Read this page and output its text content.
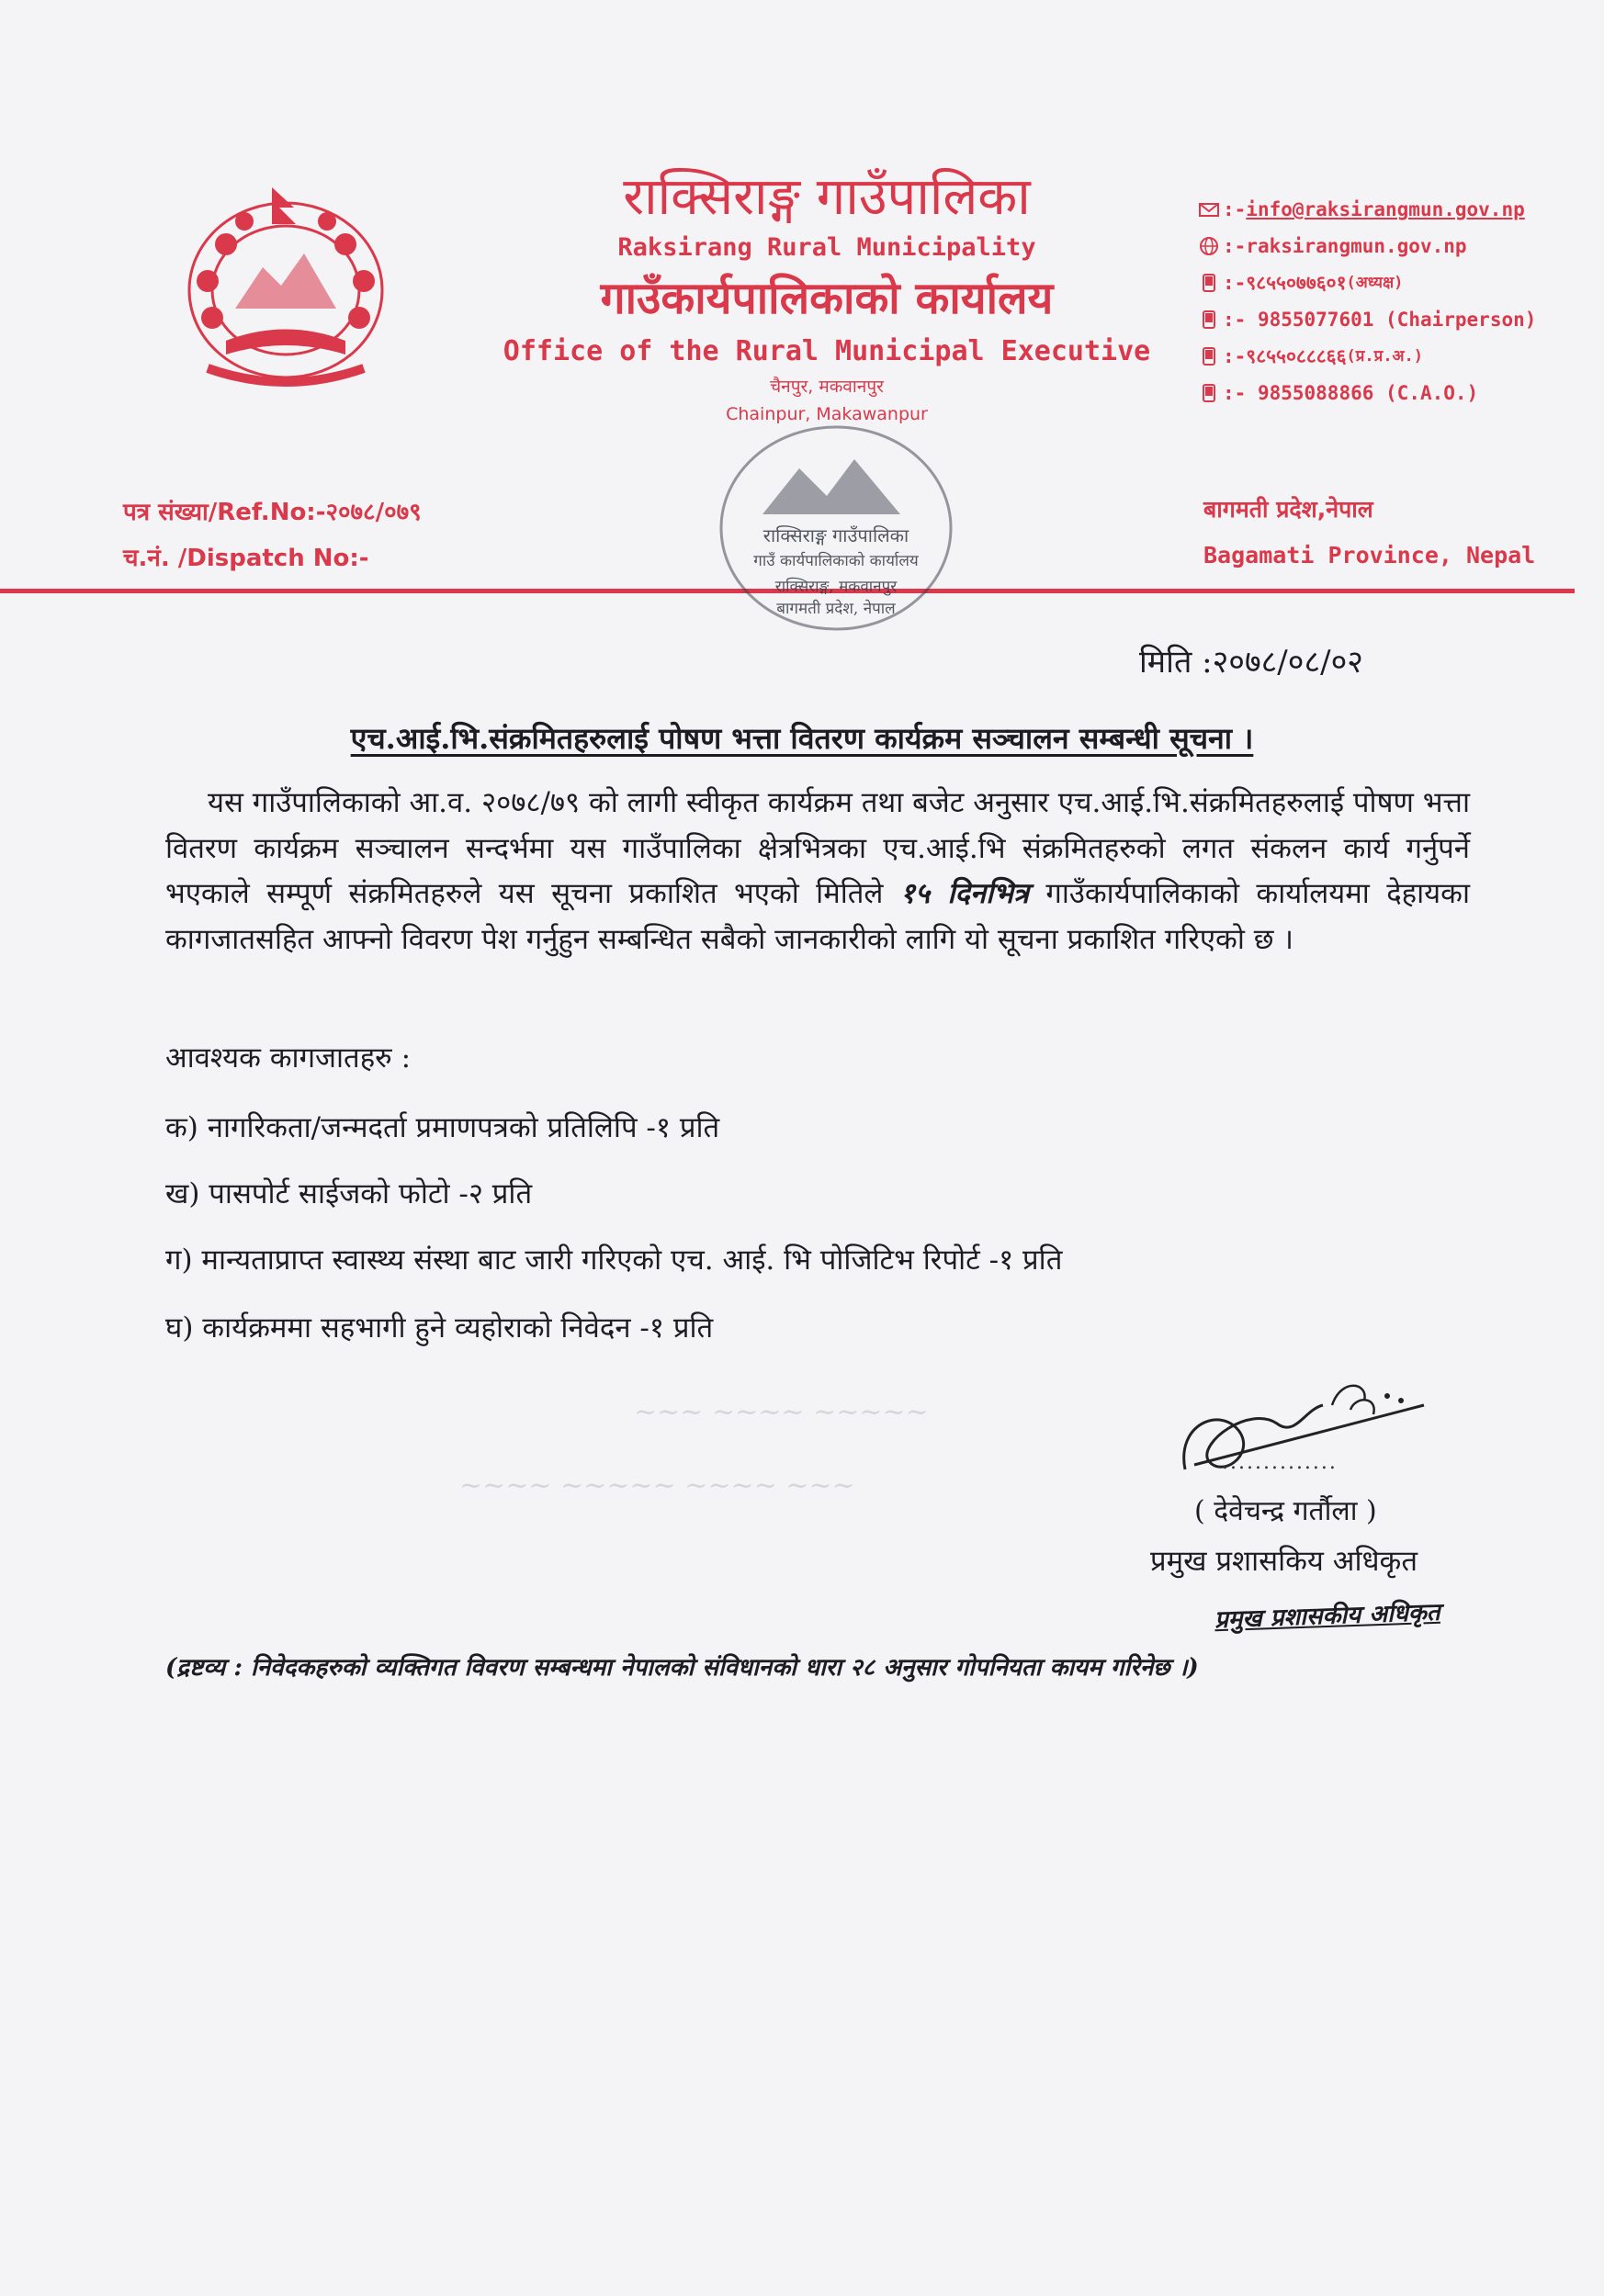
राक्सिराङ्ग गाउँपालिका
Raksirang Rural Municipality
गाउँकार्यपालिकाको कार्यालय
Office of the Rural Municipal Executive
चैनपुर, मकवानपुर
Chainpur, Makawanpur
:- info@raksirangmun.gov.np
:- raksirangmun.gov.np
:- ९८५५०७७६०१ (अध्यक्ष)
:- 9855077601
(Chairperson)
:- ९८५५०८८८६६ (प्र.प्र.अ.)
:- 9855088866
(C.A.O.)
पत्र संख्या/Ref.No:-२०७८/०७९
च.नं. /Dispatch No:-
बागमती प्रदेश,नेपाल
Bagamati Province, Nepal
राक्सिराङ्ग गाउँपालिका
गाउँ कार्यपालिकाको कार्यालय
राक्सिराङ्ग, मकवानपुर
बागमती प्रदेश, नेपाल
मिति :२०७८/०८/०२
एच.आई.भि.संक्रमितहरुलाई पोषण भत्ता वितरण कार्यक्रम सञ्चालन सम्बन्धी सूचना ।
यस गाउँपालिकाको आ.व. २०७८/७९ को लागी स्वीकृत कार्यक्रम तथा बजेट अनुसार एच.आई.भि.संक्रमितहरुलाई पोषण भत्ता वितरण कार्यक्रम सञ्चालन सन्दर्भमा यस गाउँपालिका क्षेत्रभित्रका एच.आई.भि संक्रमितहरुको लगत संकलन कार्य गर्नुपर्ने भएकाले सम्पूर्ण संक्रमितहरुले यस सूचना प्रकाशित भएको मितिले १५ दिनभित्र गाउँकार्यपालिकाको कार्यालयमा देहायका कागजातसहित आफ्नो विवरण पेश गर्नुहुन सम्बन्धित सबैको जानकारीको लागि यो सूचना प्रकाशित गरिएको छ ।
आवश्यक कागजातहरु :
क) नागरिकता/जन्मदर्ता प्रमाणपत्रको प्रतिलिपि -१ प्रति
ख) पासपोर्ट साईजको फोटो -२ प्रति
ग) मान्यताप्राप्त स्वास्थ्य संस्था बाट जारी गरिएको एच. आई. भि पोजिटिभ रिपोर्ट -१ प्रति
घ) कार्यक्रममा सहभागी हुने व्यहोराको निवेदन -१ प्रति
~~~ ~~~~ ~~~~~
~~~~ ~~~~~ ~~~~ ~~~
..............
( देवेचन्द्र गर्तौला )
प्रमुख प्रशासकिय अधिकृत
प्रमुख प्रशासकीय अधिकृत
(द्रष्टव्य : निवेदकहरुको व्यक्तिगत विवरण सम्बन्धमा नेपालको संविधानको धारा २८ अनुसार गोपनियता कायम गरिनेछ ।)
